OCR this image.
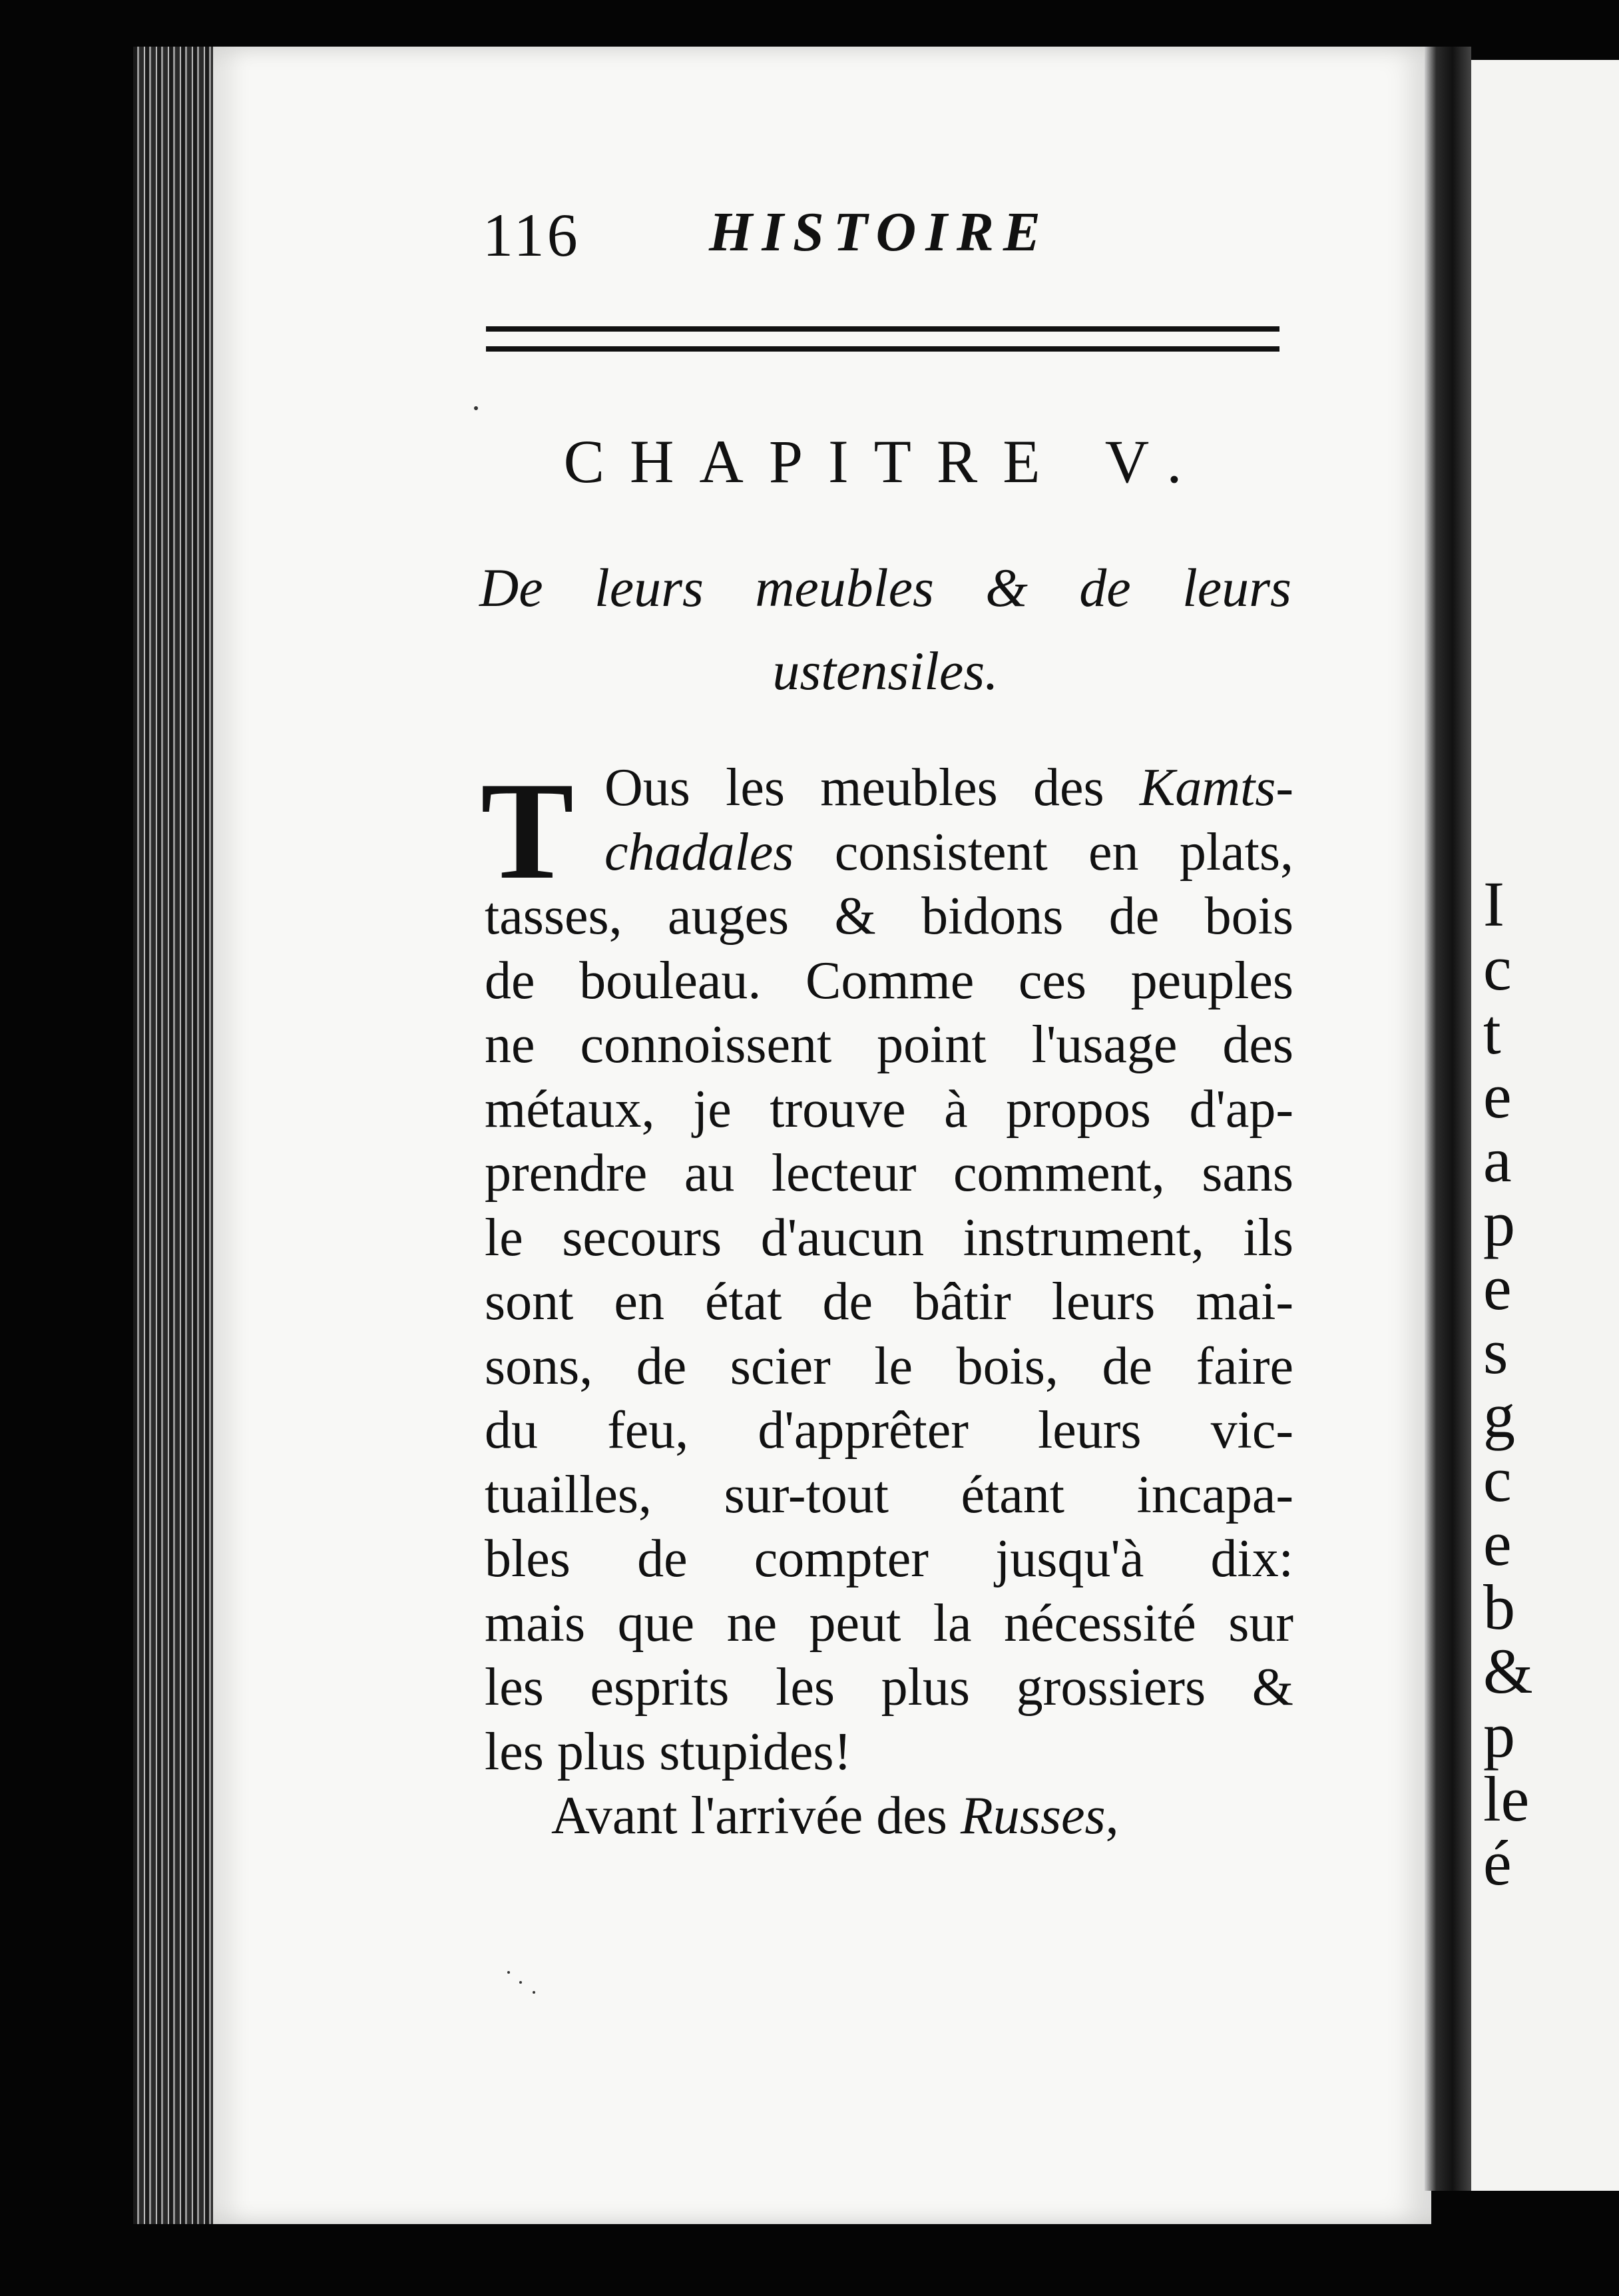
I
c
t
e
a
p
e
s
g
c
e
b
&
p
le
é
116 HISTOIRE
CHAPITRE V.
De leurs meubles & de leurs
ustensiles.
T Ous les meubles des Kamts-
chadales consistent en plats,
tasses, auges & bidons de bois
de bouleau. Comme ces peuples
ne connoissent point l'usage des
métaux, je trouve à propos d'ap-
prendre au lecteur comment, sans
le secours d'aucun instrument, ils
sont en état de bâtir leurs mai-
sons, de scier le bois, de faire
du feu, d'apprêter leurs vic-
tuailles, sur-tout étant incapa-
bles de compter jusqu'à dix:
mais que ne peut la nécessité sur
les esprits les plus grossiers &
les plus stupides!
Avant l'arrivée des Russes,
